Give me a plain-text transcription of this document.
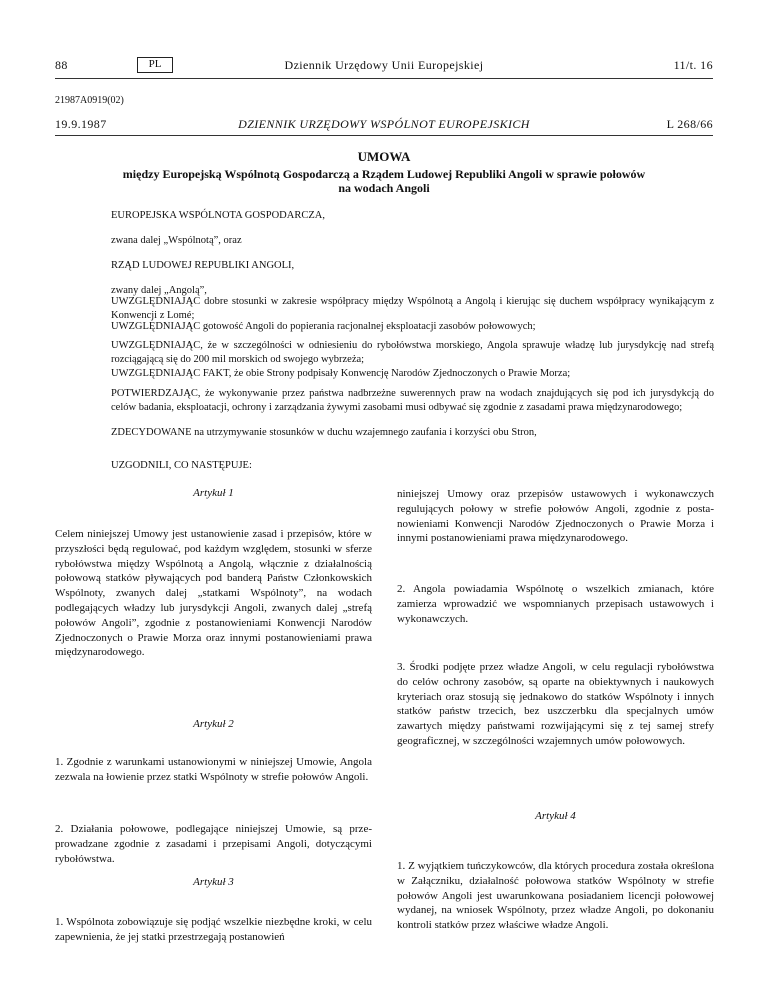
88	PL	Dziennik Urzędowy Unii Europejskiej	11/t. 16
21987A0919(02)
19.9.1987	DZIENNIK URZĘDOWY WSPÓLNOT EUROPEJSKICH	L 268/66
UMOWA
między Europejską Wspólnotą Gospodarczą a Rządem Ludowej Republiki Angoli w sprawie połowów
na wodach Angoli
EUROPEJSKA WSPÓLNOTA GOSPODARCZA,
zwana dalej „Wspólnotą”, oraz
RZĄD LUDOWEJ REPUBLIKI ANGOLI,
zwany dalej „Angolą”,
UWZGLĘDNIAJĄC dobre stosunki w zakresie współpracy między Wspólnotą a Angolą i kierując się duchem współpracy wynikającym z Konwencji z Lomé;
UWZGLĘDNIAJĄC gotowość Angoli do popierania racjonalnej eksploatacji zasobów połowowych;
UWZGLĘDNIAJĄC, że w szczególności w odniesieniu do rybołówstwa morskiego, Angola sprawuje władzę lub jurysdykcję nad strefą rozciągającą się do 200 mil morskich od swojego wybrzeża;
UWZGLĘDNIAJĄC FAKT, że obie Strony podpisały Konwencję Narodów Zjednoczonych o Prawie Morza;
POTWIERDZAJĄC, że wykonywanie przez państwa nadbrzeżne suwerennych praw na wodach znajdujących się pod ich jurysdykcją do celów badania, eksploatacji, ochrony i zarządzania żywymi zasobami musi odbywać się zgodnie z zasadami prawa międzynarodowego;
ZDECYDOWANE na utrzymywanie stosunków w duchu wzajemnego zaufania i korzyści obu Stron,
UZGODNILI, CO NASTĘPUJE:
Artykuł 1
Celem niniejszej Umowy jest ustanowienie zasad i przepisów, które w przyszłości będą regulować, pod każdym względem, stosunki w sferze rybołówstwa między Wspólnotą a Angolą, włącznie z działalnością połowową statków pływających pod banderą Państw Członkowskich Wspólnoty, zwanych dalej „statkami Wspólnoty”, na wodach podlegających władzy lub jurysdykcji Angoli, zwanych dalej „strefą połowów Angoli”, zgodnie z postanowieniami Konwencji Narodów Zjednoczonych o Prawie Morza oraz innymi postanowieniami prawa międzynarodowego.
Artykuł 2
1. Zgodnie z warunkami ustanowionymi w niniejszej Umowie, Angola zezwala na łowienie przez statki Wspólnoty w strefie połowów Angoli.
2. Działania połowowe, podlegające niniejszej Umowie, są przeprowadzane zgodnie z zasadami i przepisami Angoli, dotyczącymi rybołówstwa.
Artykuł 3
1. Wspólnota zobowiązuje się podjąć wszelkie niezbędne kroki, w celu zapewnienia, że jej statki przestrzegają postanowień
niniejszej Umowy oraz przepisów ustawowych i wykonawczych regulujących połowy w strefie połowów Angoli, zgodnie z postanowieniami Konwencji Narodów Zjednoczonych o Prawie Morza i innymi postanowieniami prawa międzynarodowego.
2. Angola powiadamia Wspólnotę o wszelkich zmianach, które zamierza wprowadzić we wspomnianych przepisach ustawowych i wykonawczych.
3. Środki podjęte przez władze Angoli, w celu regulacji rybołówstwa do celów ochrony zasobów, są oparte na obiektywnych i naukowych kryteriach oraz stosują się jednakowo do statków Wspólnoty i innych statków państw trzecich, bez uszczerbku dla specjalnych umów zawartych między państwami rozwijającymi się z tej samej strefy geograficznej, w szczególności wzajemnych umów połowowych.
Artykuł 4
1. Z wyjątkiem tuńczykowców, dla których procedura została określona w Załączniku, działalność połowowa statków Wspólnoty w strefie połowów Angoli jest uwarunkowana posiadaniem licencji połowowej wydanej, na wniosek Wspólnoty, przez władze Angoli, po dokonaniu kontroli statków przez właściwe władze Angoli.
